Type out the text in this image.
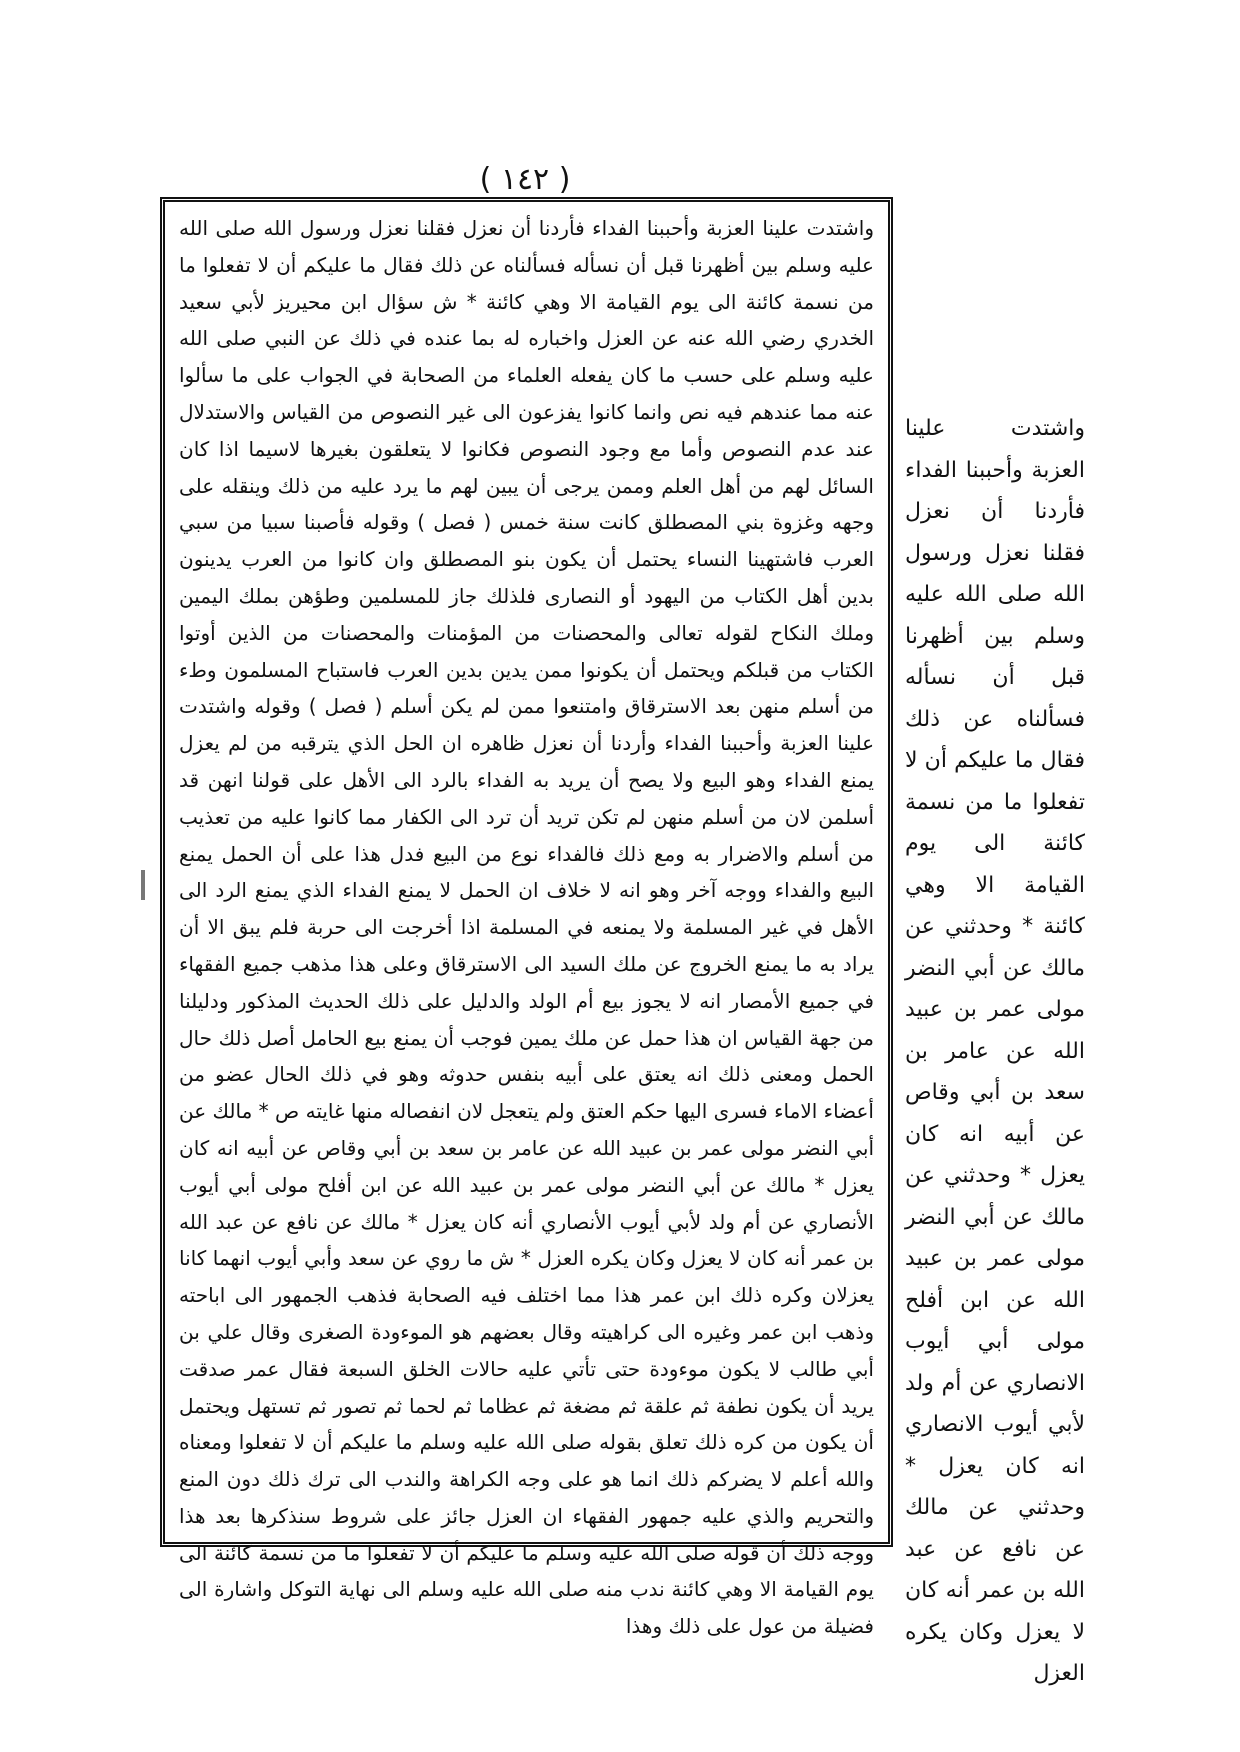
( ١٤٢ )

واشتدت علينا العزبة وأحببنا الفداء فأردنا أن نعزل فقلنا نعزل ورسول الله صلى الله عليه وسلم بين أظهرنا قبل أن نسأله فسألناه عن ذلك فقال ما عليكم أن لا تفعلوا ما من نسمة كائنة الى يوم القيامة الا وهي كائنة * ش سؤال ابن محيريز لأبي سعيد الخدري رضي الله عنه عن العزل واخباره له بما عنده في ذلك عن النبي صلى الله عليه وسلم على حسب ما كان يفعله العلماء من الصحابة في الجواب على ما سألوا عنه مما عندهم فيه نص وانما كانوا يفزعون الى غير النصوص من القياس والاستدلال عند عدم النصوص وأما مع وجود النصوص فكانوا لا يتعلقون بغيرها لاسيما اذا كان السائل لهم من أهل العلم وممن يرجى أن يبين لهم ما يرد عليه من ذلك وينقله على وجهه وغزوة بني المصطلق كانت سنة خمس ( فصل ) وقوله فأصبنا سبيا من سبي العرب فاشتهينا النساء يحتمل أن يكون بنو المصطلق وان كانوا من العرب يدينون بدين أهل الكتاب من اليهود أو النصارى فلذلك جاز للمسلمين وطؤهن بملك اليمين وملك النكاح لقوله تعالى والمحصنات من المؤمنات والمحصنات من الذين أوتوا الكتاب من قبلكم ويحتمل أن يكونوا ممن يدين بدين العرب فاستباح المسلمون وطء من أسلم منهن بعد الاسترقاق وامتنعوا ممن لم يكن أسلم ( فصل ) وقوله واشتدت علينا العزبة وأحببنا الفداء وأردنا أن نعزل ظاهره ان الحل الذي يترقبه من لم يعزل يمنع الفداء وهو البيع ولا يصح أن يريد به الفداء بالرد الى الأهل على قولنا انهن قد أسلمن لان من أسلم منهن لم تكن تريد أن ترد الى الكفار مما كانوا عليه من تعذيب من أسلم والاضرار به ومع ذلك فالفداء نوع من البيع فدل هذا على أن الحمل يمنع البيع والفداء ووجه آخر وهو انه لا خلاف ان الحمل لا يمنع الفداء الذي يمنع الرد الى الأهل في غير المسلمة ولا يمنعه في المسلمة اذا أخرجت الى حربة فلم يبق الا أن يراد به ما يمنع الخروج عن ملك السيد الى الاسترقاق وعلى هذا مذهب جميع الفقهاء في جميع الأمصار انه لا يجوز بيع أم الولد والدليل على ذلك الحديث المذكور ودليلنا من جهة القياس ان هذا حمل عن ملك يمين فوجب أن يمنع بيع الحامل أصل ذلك حال الحمل ومعنى ذلك انه يعتق على أبيه بنفس حدوثه وهو في ذلك الحال عضو من أعضاء الاماء فسرى اليها حكم العتق ولم يتعجل لان انفصاله منها غايته ص * مالك عن أبي النضر مولى عمر بن عبيد الله عن عامر بن سعد بن أبي وقاص عن أبيه انه كان يعزل * مالك عن أبي النضر مولى عمر بن عبيد الله عن ابن أفلح مولى أبي أيوب الأنصاري عن أم ولد لأبي أيوب الأنصاري أنه كان يعزل * مالك عن نافع عن عبد الله بن عمر أنه كان لا يعزل وكان يكره العزل * ش ما روي عن سعد وأبي أيوب انهما كانا يعزلان وكره ذلك ابن عمر هذا مما اختلف فيه الصحابة فذهب الجمهور الى اباحته وذهب ابن عمر وغيره الى كراهيته وقال بعضهم هو الموءودة الصغرى وقال علي بن أبي طالب لا يكون موءودة حتى تأتي عليه حالات الخلق السبعة فقال عمر صدقت يريد أن يكون نطفة ثم علقة ثم مضغة ثم عظاما ثم لحما ثم تصور ثم تستهل ويحتمل أن يكون من كره ذلك تعلق بقوله صلى الله عليه وسلم ما عليكم أن لا تفعلوا ومعناه والله أعلم لا يضركم ذلك انما هو على وجه الكراهة والندب الى ترك ذلك دون المنع والتحريم والذي عليه جمهور الفقهاء ان العزل جائز على شروط سنذكرها بعد هذا ووجه ذلك أن قوله صلى الله عليه وسلم ما عليكم أن لا تفعلوا ما من نسمة كائنة الى يوم القيامة الا وهي كائنة ندب منه صلى الله عليه وسلم الى نهاية التوكل واشارة الى فضيلة من عول على ذلك وهذا

واشتدت علينا العزبة وأحببنا الفداء فأردنا أن نعزل فقلنا نعزل ورسول الله صلى الله عليه وسلم بين أظهرنا قبل أن نسأله فسألناه عن ذلك فقال ما عليكم أن لا تفعلوا ما من نسمة كائنة الى يوم القيامة الا وهي كائنة * وحدثني عن مالك عن أبي النضر مولى عمر بن عبيد الله عن عامر بن سعد بن أبي وقاص عن أبيه انه كان يعزل * وحدثني عن مالك عن أبي النضر مولى عمر بن عبيد الله عن ابن أفلح مولى أبي أيوب الانصاري عن أم ولد لأبي أيوب الانصاري انه كان يعزل * وحدثني عن مالك عن نافع عن عبد الله بن عمر أنه كان لا يعزل وكان يكره العزل
